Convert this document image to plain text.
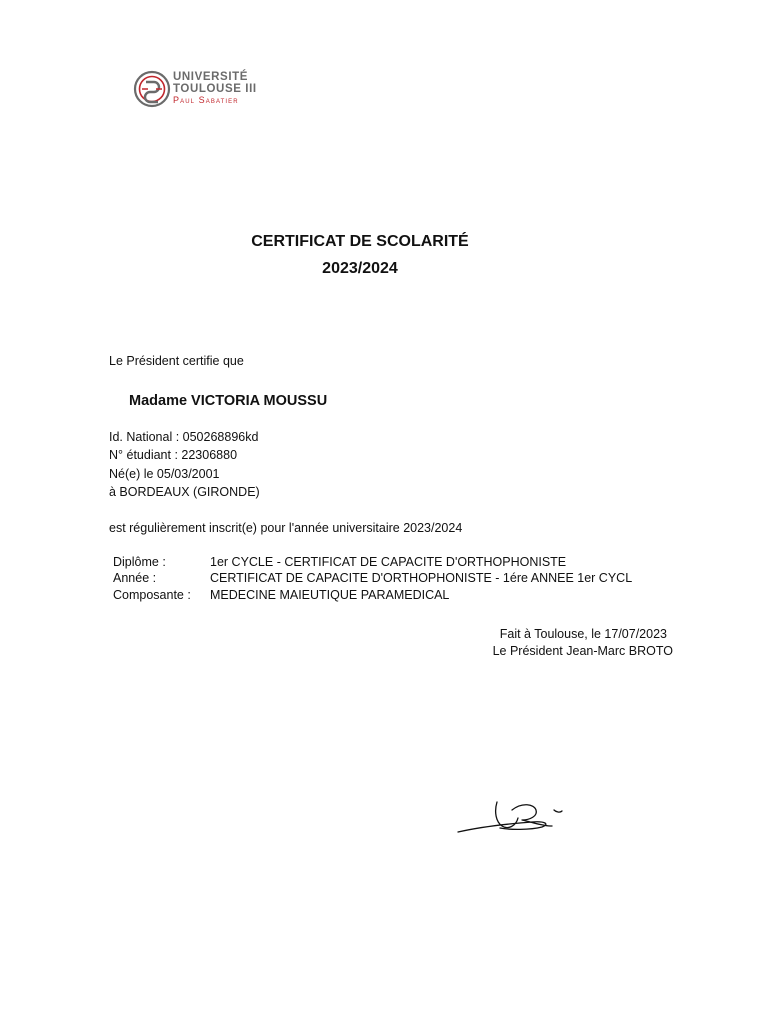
UNIVERSITÉ
TOULOUSE III
Paul Sabatier
CERTIFICAT DE SCOLARITÉ
2023/2024
Le Président certifie que
Madame VICTORIA MOUSSU
Id. National : 050268896kd
N° étudiant : 22306880
Né(e) le 05/03/2001
à BORDEAUX (GIRONDE)
est régulièrement inscrit(e) pour l'année universitaire 2023/2024
Diplôme :	1er CYCLE - CERTIFICAT DE CAPACITE D'ORTHOPHONISTE
Année :	CERTIFICAT DE CAPACITE D'ORTHOPHONISTE - 1ére ANNEE 1er CYCL
Composante : MEDECINE MAIEUTIQUE PARAMEDICAL
Fait à Toulouse, le 17/07/2023
Le Président Jean-Marc BROTO
